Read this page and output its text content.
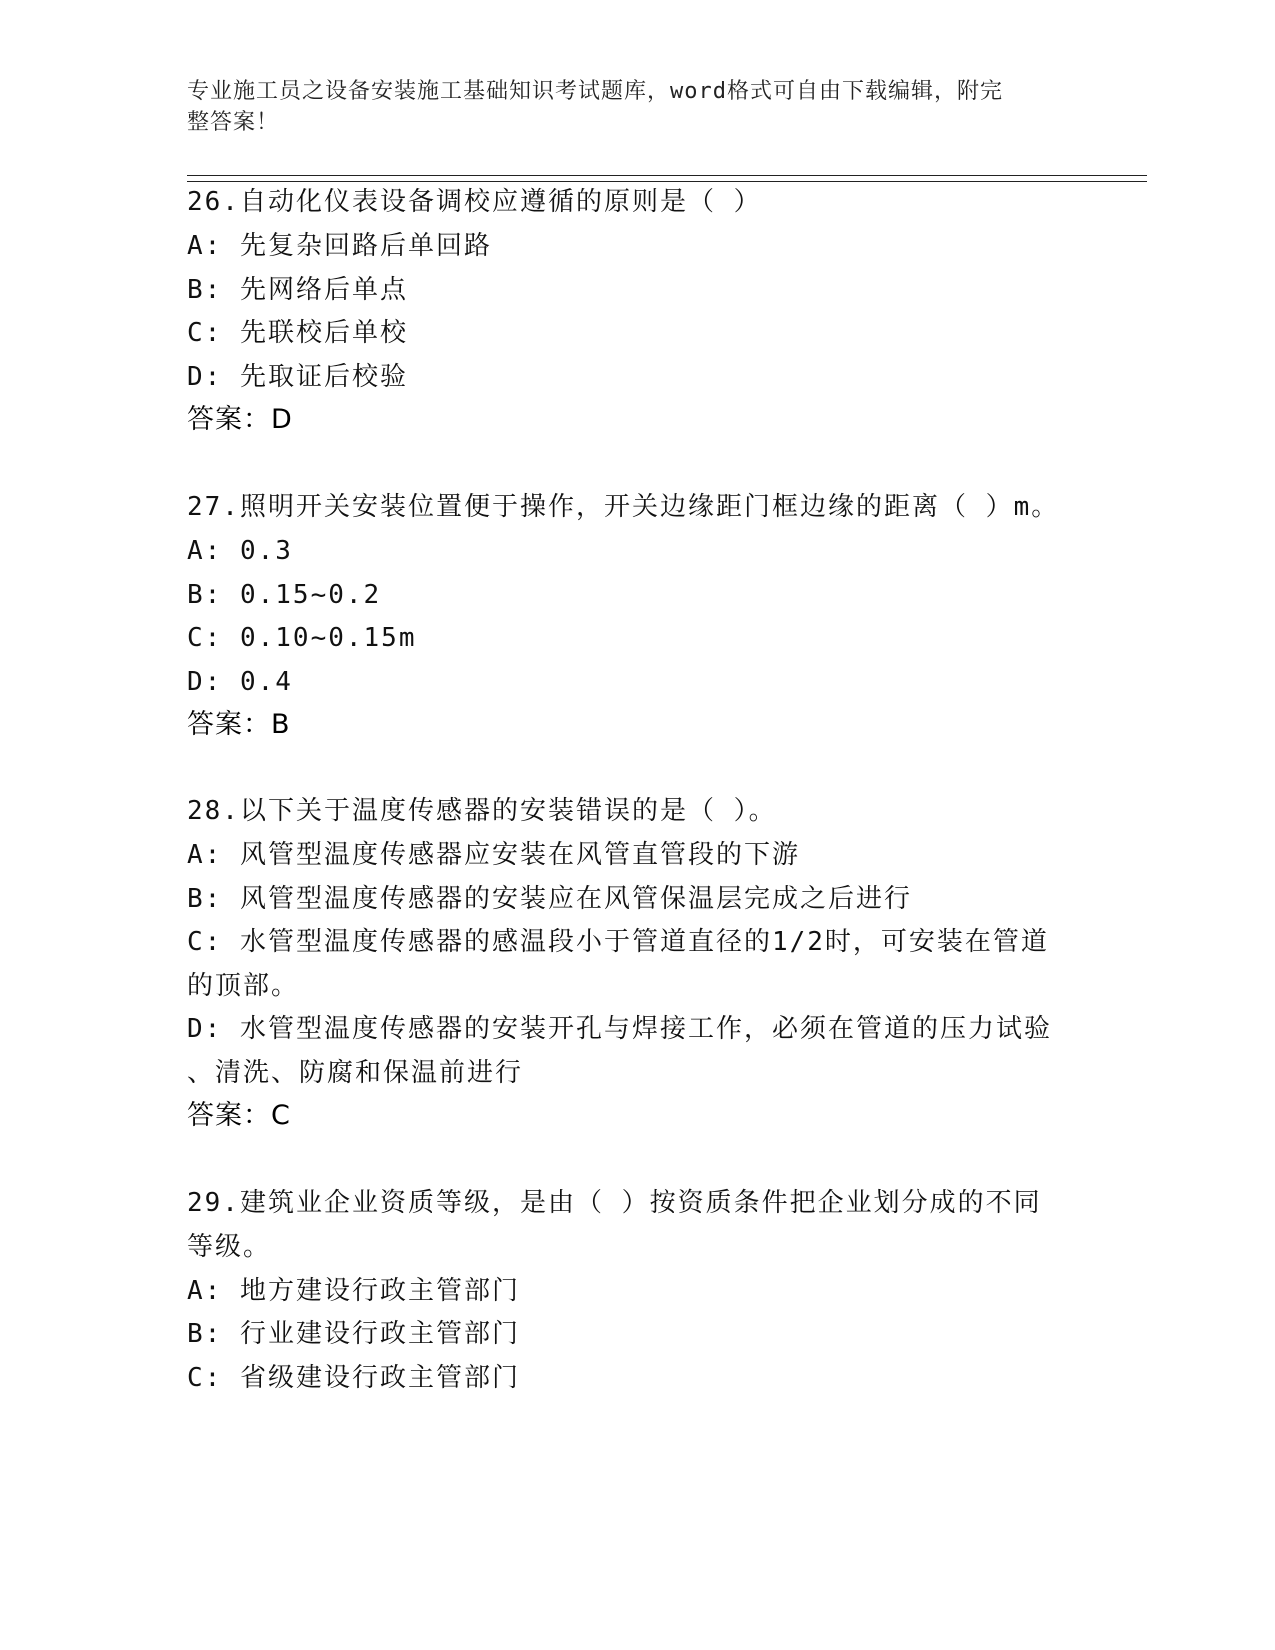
专业施工员之设备安装施工基础知识考试题库，word格式可自由下载编辑，附完
整答案！
26.自动化仪表设备调校应遵循的原则是（ ）
A: 先复杂回路后单回路
B: 先网络后单点
C: 先联校后单校
D: 先取证后校验
答案：D
27.照明开关安装位置便于操作，开关边缘距门框边缘的距离（ ）m。
A: 0.3
B: 0.15~0.2
C: 0.10~0.15m
D: 0.4
答案：B
28.以下关于温度传感器的安装错误的是（ ）。
A: 风管型温度传感器应安装在风管直管段的下游
B: 风管型温度传感器的安装应在风管保温层完成之后进行
C: 水管型温度传感器的感温段小于管道直径的1/2时，可安装在管道
的顶部。
D: 水管型温度传感器的安装开孔与焊接工作，必须在管道的压力试验
、清洗、防腐和保温前进行
答案：C
29.建筑业企业资质等级，是由（ ）按资质条件把企业划分成的不同
等级。
A: 地方建设行政主管部门
B: 行业建设行政主管部门
C: 省级建设行政主管部门
